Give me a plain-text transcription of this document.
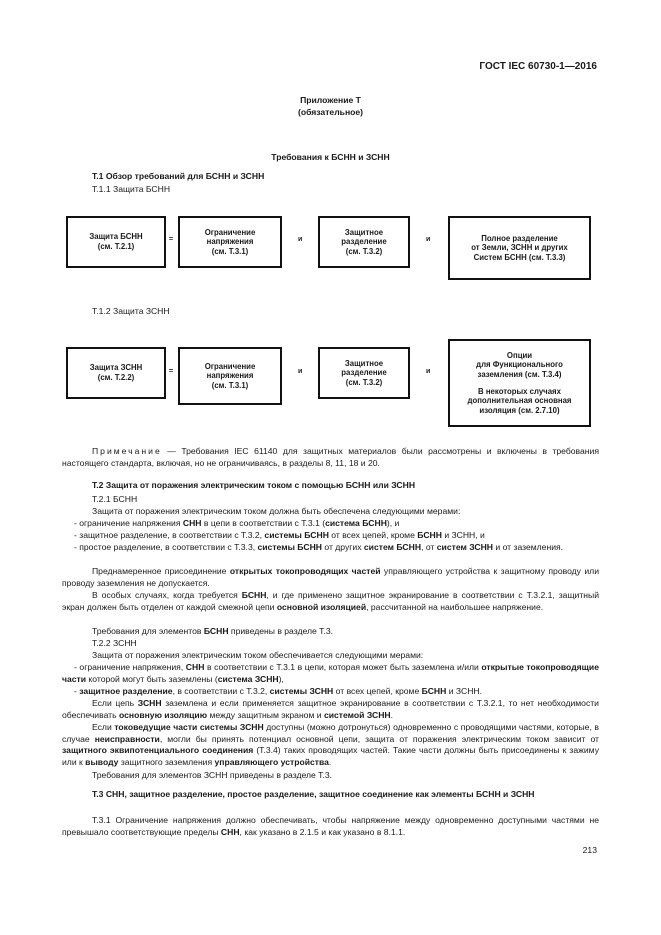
ГОСТ IEC 60730-1—2016
Приложение Т
(обязательное)
Требования к БСНН и ЗСНН
Т.1 Обзор требований для БСНН и ЗСНН
Т.1.1 Защита БСНН
Защита БСНН
(см. Т.2.1)
=
Ограничение
напряжения
(см. Т.3.1)
и
Защитное
разделение
(см. Т.3.2)
и	Полное разделение
от Земли, ЗСНН и других
Систем БСНН (см. Т.3.3)
Т.1.2 Защита ЗСНН
Защита ЗСНН
(см. Т.2.2)
=
Ограничение
напряжения
(см. Т.3.1)
и
Защитное
разделение
(см. Т.3.2)
и
Опции
для Функционального
заземления (см. Т.3.4)
В некоторых случаях
дополнительная основная
изоляция (см. 2.7.10)
Примечание — Требования IEC 61140 для защитных материалов были рассмотрены и включены в требования настоящего стандарта, включая, но не ограничиваясь, в разделы 8, 11, 18 и 20.
Т.2 Защита от поражения электрическим током с помощью БСНН или ЗСНН
Т.2.1 БСНН
Защита от поражения электрическим током должна быть обеспечена следующими мерами:
- ограничение напряжения СНН в цепи в соответствии с Т.3.1 (система БСНН), и
- защитное разделение, в соответствии с Т.3.2, системы БСНН от всех цепей, кроме БСНН и ЗСНН, и
- простое разделение, в соответствии с Т.3.3, системы БСНН от других систем БСНН, от систем ЗСНН и от заземления.
Преднамеренное присоединение открытых токопроводящих частей управляющего устройства к защитному проводу или проводу заземления не допускается.
В особых случаях, когда требуется БСНН, и где применено защитное экранирование в соответствии с Т.3.2.1, защитный экран должен быть отделен от каждой смежной цепи основной изоляцией, рассчитанной на наибольшее напряжение.
Требования для элементов БСНН приведены в разделе Т.3.
Т.2.2 ЗСНН
Защита от поражения электрическим током обеспечивается следующими мерами:
- ограничение напряжения, СНН в соответствии с Т.3.1 в цепи, которая может быть заземлена и/или открытые токопроводящие части которой могут быть заземлены (система ЗСНН),
- защитное разделение, в соответствии с Т.3.2, системы ЗСНН от всех цепей, кроме БСНН и ЗСНН.
Если цепь ЗСНН заземлена и если применяется защитное экранирование в соответствии с Т.3.2.1, то нет необходимости обеспечивать основную изоляцию между защитным экраном и системой ЗСНН.
Если токоведущие части системы ЗСНН доступны (можно дотронуться) одновременно с проводящими частями, которые, в случае неисправности, могли бы принять потенциал основной цепи, защита от поражения электрическим током зависит от защитного эквипотенциального соединения (Т.3.4) таких проводящих частей. Такие части должны быть присоединены к зажиму или к выводу защитного заземления управляющего устройства.
Требования для элементов ЗСНН приведены в разделе Т.3.
Т.3 СНН, защитное разделение, простое разделение, защитное соединение как элементы БСНН и ЗСНН
Т.3.1 Ограничение напряжения должно обеспечивать, чтобы напряжение между одновременно доступными частями не превышало соответствующие пределы СНН, как указано в 2.1.5 и как указано в 8.1.1.
213
